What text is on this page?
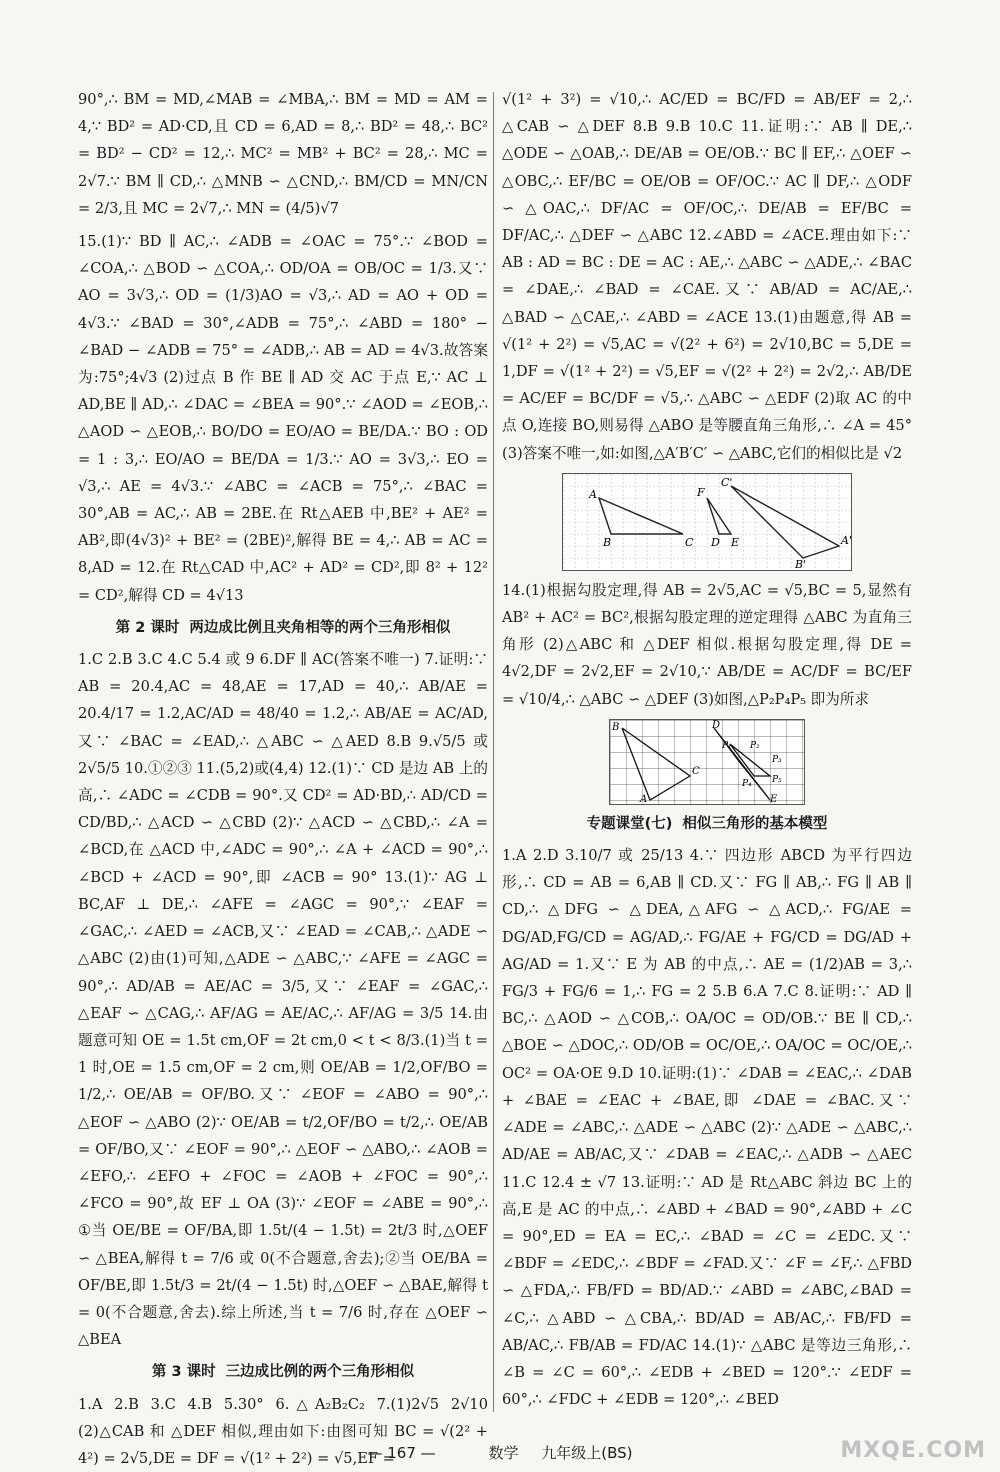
90°,∴ BM = MD,∠MAB = ∠MBA,∴ BM = MD = AM = 4,∵ BD² = AD·CD,且 CD = 6,AD = 8,∴ BD² = 48,∴ BC² = BD² − CD² = 12,∴ MC² = MB² + BC² = 28,∴ MC = 2√7.∵ BM ∥ CD,∴ △MNB ∽ △CND,∴ BM/CD = MN/CN = 2/3,且 MC = 2√7,∴ MN = (4/5)√7

15.(1)∵ BD ∥ AC,∴ ∠ADB = ∠OAC = 75°.∵ ∠BOD = ∠COA,∴ △BOD ∽ △COA,∴ OD/OA = OB/OC = 1/3.又∵ AO = 3√3,∴ OD = (1/3)AO = √3,∴ AD = AO + OD = 4√3.∵ ∠BAD = 30°,∠ADB = 75°,∴ ∠ABD = 180° − ∠BAD − ∠ADB = 75° = ∠ADB,∴ AB = AD = 4√3.故答案为:75°;4√3 (2)过点 B 作 BE ∥ AD 交 AC 于点 E,∵ AC ⊥ AD,BE ∥ AD,∴ ∠DAC = ∠BEA = 90°.∵ ∠AOD = ∠EOB,∴ △AOD ∽ △EOB,∴ BO/DO = EO/AO = BE/DA.∵ BO : OD = 1 : 3,∴ EO/AO = BE/DA = 1/3.∵ AO = 3√3,∴ EO = √3,∴ AE = 4√3.∵ ∠ABC = ∠ACB = 75°,∴ ∠BAC = 30°,AB = AC,∴ AB = 2BE.在 Rt△AEB 中,BE² + AE² = AB²,即(4√3)² + BE² = (2BE)²,解得 BE = 4,∴ AB = AC = 8,AD = 12.在 Rt△CAD 中,AC² + AD² = CD²,即 8² + 12² = CD²,解得 CD = 4√13

第 2 课时 两边成比例且夹角相等的两个三角形相似

1.C 2.B 3.C 4.C 5.4 或 9 6.DF ∥ AC(答案不唯一) 7.证明:∵ AB = 20.4,AC = 48,AE = 17,AD = 40,∴ AB/AE = 20.4/17 = 1.2,AC/AD = 48/40 = 1.2,∴ AB/AE = AC/AD,又∵ ∠BAC = ∠EAD,∴ △ABC ∽ △AED 8.B 9.√5/5 或 2√5/5 10.①②③ 11.(5,2)或(4,4) 12.(1)∵ CD 是边 AB 上的高,∴ ∠ADC = ∠CDB = 90°.又 CD² = AD·BD,∴ AD/CD = CD/BD,∴ △ACD ∽ △CBD (2)∵ △ACD ∽ △CBD,∴ ∠A = ∠BCD,在 △ACD 中,∠ADC = 90°,∴ ∠A + ∠ACD = 90°,∴ ∠BCD + ∠ACD = 90°,即 ∠ACB = 90° 13.(1)∵ AG ⊥ BC,AF ⊥ DE,∴ ∠AFE = ∠AGC = 90°,∵ ∠EAF = ∠GAC,∴ ∠AED = ∠ACB,又∵ ∠EAD = ∠CAB,∴ △ADE ∽ △ABC (2)由(1)可知,△ADE ∽ △ABC,∵ ∠AFE = ∠AGC = 90°,∴ AD/AB = AE/AC = 3/5,又∵ ∠EAF = ∠GAC,∴ △EAF ∽ △CAG,∴ AF/AG = AE/AC,∴ AF/AG = 3/5 14.由题意可知 OE = 1.5t cm,OF = 2t cm,0 < t < 8/3.(1)当 t = 1 时,OE = 1.5 cm,OF = 2 cm,则 OE/AB = 1/2,OF/BO = 1/2,∴ OE/AB = OF/BO.又∵ ∠EOF = ∠ABO = 90°,∴ △EOF ∽ △ABO (2)∵ OE/AB = t/2,OF/BO = t/2,∴ OE/AB = OF/BO,又∵ ∠EOF = 90°,∴ △EOF ∽ △ABO,∴ ∠AOB = ∠EFO,∴ ∠EFO + ∠FOC = ∠AOB + ∠FOC = 90°,∴ ∠FCO = 90°,故 EF ⊥ OA (3)∵ ∠EOF = ∠ABE = 90°,∴ ①当 OE/BE = OF/BA,即 1.5t/(4 − 1.5t) = 2t/3 时,△OEF ∽ △BEA,解得 t = 7/6 或 0(不合题意,舍去);②当 OE/BA = OF/BE,即 1.5t/3 = 2t/(4 − 1.5t) 时,△OEF ∽ △BAE,解得 t = 0(不合题意,舍去).综上所述,当 t = 7/6 时,存在 △OEF ∽ △BEA

第 3 课时 三边成比例的两个三角形相似

1.A 2.B 3.C 4.B 5.30° 6.△A₂B₂C₂ 7.(1)2√5 2√10 (2)△CAB 和 △DEF 相似,理由如下:由图可知 BC = √(2² + 4²) = 2√5,DE = DF = √(1² + 2²) = √5,EF =

√(1² + 3²) = √10,∴ AC/ED = BC/FD = AB/EF = 2,∴ △CAB ∽ △DEF 8.B 9.B 10.C 11.证明:∵ AB ∥ DE,∴ △ODE ∽ △OAB,∴ DE/AB = OE/OB.∵ BC ∥ EF,∴ △OEF ∽ △OBC,∴ EF/BC = OE/OB = OF/OC.∵ AC ∥ DF,∴ △ODF ∽ △OAC,∴ DF/AC = OF/OC,∴ DE/AB = EF/BC = DF/AC,∴ △DEF ∽ △ABC 12.∠ABD = ∠ACE.理由如下:∵ AB : AD = BC : DE = AC : AE,∴ △ABC ∽ △ADE,∴ ∠BAC = ∠DAE,∴ ∠BAD = ∠CAE.又∵ AB/AD = AC/AE,∴ △BAD ∽ △CAE,∴ ∠ABD = ∠ACE 13.(1)由题意,得 AB = √(1² + 2²) = √5,AC = √(2² + 6²) = 2√10,BC = 5,DE = 1,DF = √(1² + 2²) = √5,EF = √(2² + 2²) = 2√2,∴ AB/DE = AC/EF = BC/DF = √5,∴ △ABC ∽ △EDF (2)取 AC 的中点 O,连接 BO,则易得 △ABO 是等腰直角三角形,∴ ∠A = 45° (3)答案不唯一,如:如图,△A′B′C′ ∽ △ABC,它们的相似比是 √2

A
B	C
F
D E
C'
A'
B'

14.(1)根据勾股定理,得 AB = 2√5,AC = √5,BC = 5,显然有 AB² + AC² = BC²,根据勾股定理的逆定理得 △ABC 为直角三角形 (2)△ABC 和 △DEF 相似.根据勾股定理,得 DE = 4√2,DF = 2√2,EF = 2√10,∵ AB/DE = AC/DF = BC/EF = √10/4,∴ △ABC ∽ △DEF (3)如图,△P₂P₄P₅ 即为所求

B	D
P₁ P₂
P₃
P₄ P₅
C
A	E
专题课堂(七) 相似三角形的基本模型

1.A 2.D 3.10/7 或 25/13 4.∵ 四边形 ABCD 为平行四边形,∴ CD = AB = 6,AB ∥ CD.又∵ FG ∥ AB,∴ FG ∥ AB ∥ CD,∴ △DFG ∽ △DEA,△AFG ∽ △ACD,∴ FG/AE = DG/AD,FG/CD = AG/AD,∴ FG/AE + FG/CD = DG/AD + AG/AD = 1.又∵ E 为 AB 的中点,∴ AE = (1/2)AB = 3,∴ FG/3 + FG/6 = 1,∴ FG = 2 5.B 6.A 7.C 8.证明:∵ AD ∥ BC,∴ △AOD ∽ △COB,∴ OA/OC = OD/OB.∵ BE ∥ CD,∴ △BOE ∽ △DOC,∴ OD/OB = OC/OE,∴ OA/OC = OC/OE,∴ OC² = OA·OE 9.D 10.证明:(1)∵ ∠DAB = ∠EAC,∴ ∠DAB + ∠BAE = ∠EAC + ∠BAE,即 ∠DAE = ∠BAC.又∵ ∠ADE = ∠ABC,∴ △ADE ∽ △ABC (2)∵ △ADE ∽ △ABC,∴ AD/AE = AB/AC,又∵ ∠DAB = ∠EAC,∴ △ADB ∽ △AEC 11.C 12.4 ± √7 13.证明:∵ AD 是 Rt△ABC 斜边 BC 上的高,E 是 AC 的中点,∴ ∠ABD + ∠BAD = 90°,∠ABD + ∠C = 90°,ED = EA = EC,∴ ∠BAD = ∠C = ∠EDC.又∵ ∠BDF = ∠EDC,∴ ∠BDF = ∠FAD.又∵ ∠F = ∠F,∴ △FBD ∽ △FDA,∴ FB/FD = BD/AD.∵ ∠ABD = ∠ABC,∠BAD = ∠C,∴ △ABD ∽ △CBA,∴ BD/AD = AB/AC,∴ FB/FD = AB/AC,∴ FB/AB = FD/AC 14.(1)∵ △ABC 是等边三角形,∴ ∠B = ∠C = 60°,∴ ∠EDB + ∠BED = 120°.∵ ∠EDF = 60°,∴ ∠FDC + ∠EDB = 120°,∴ ∠BED

— 167 —	数学 九年级上(BS)	MXQE.COM
